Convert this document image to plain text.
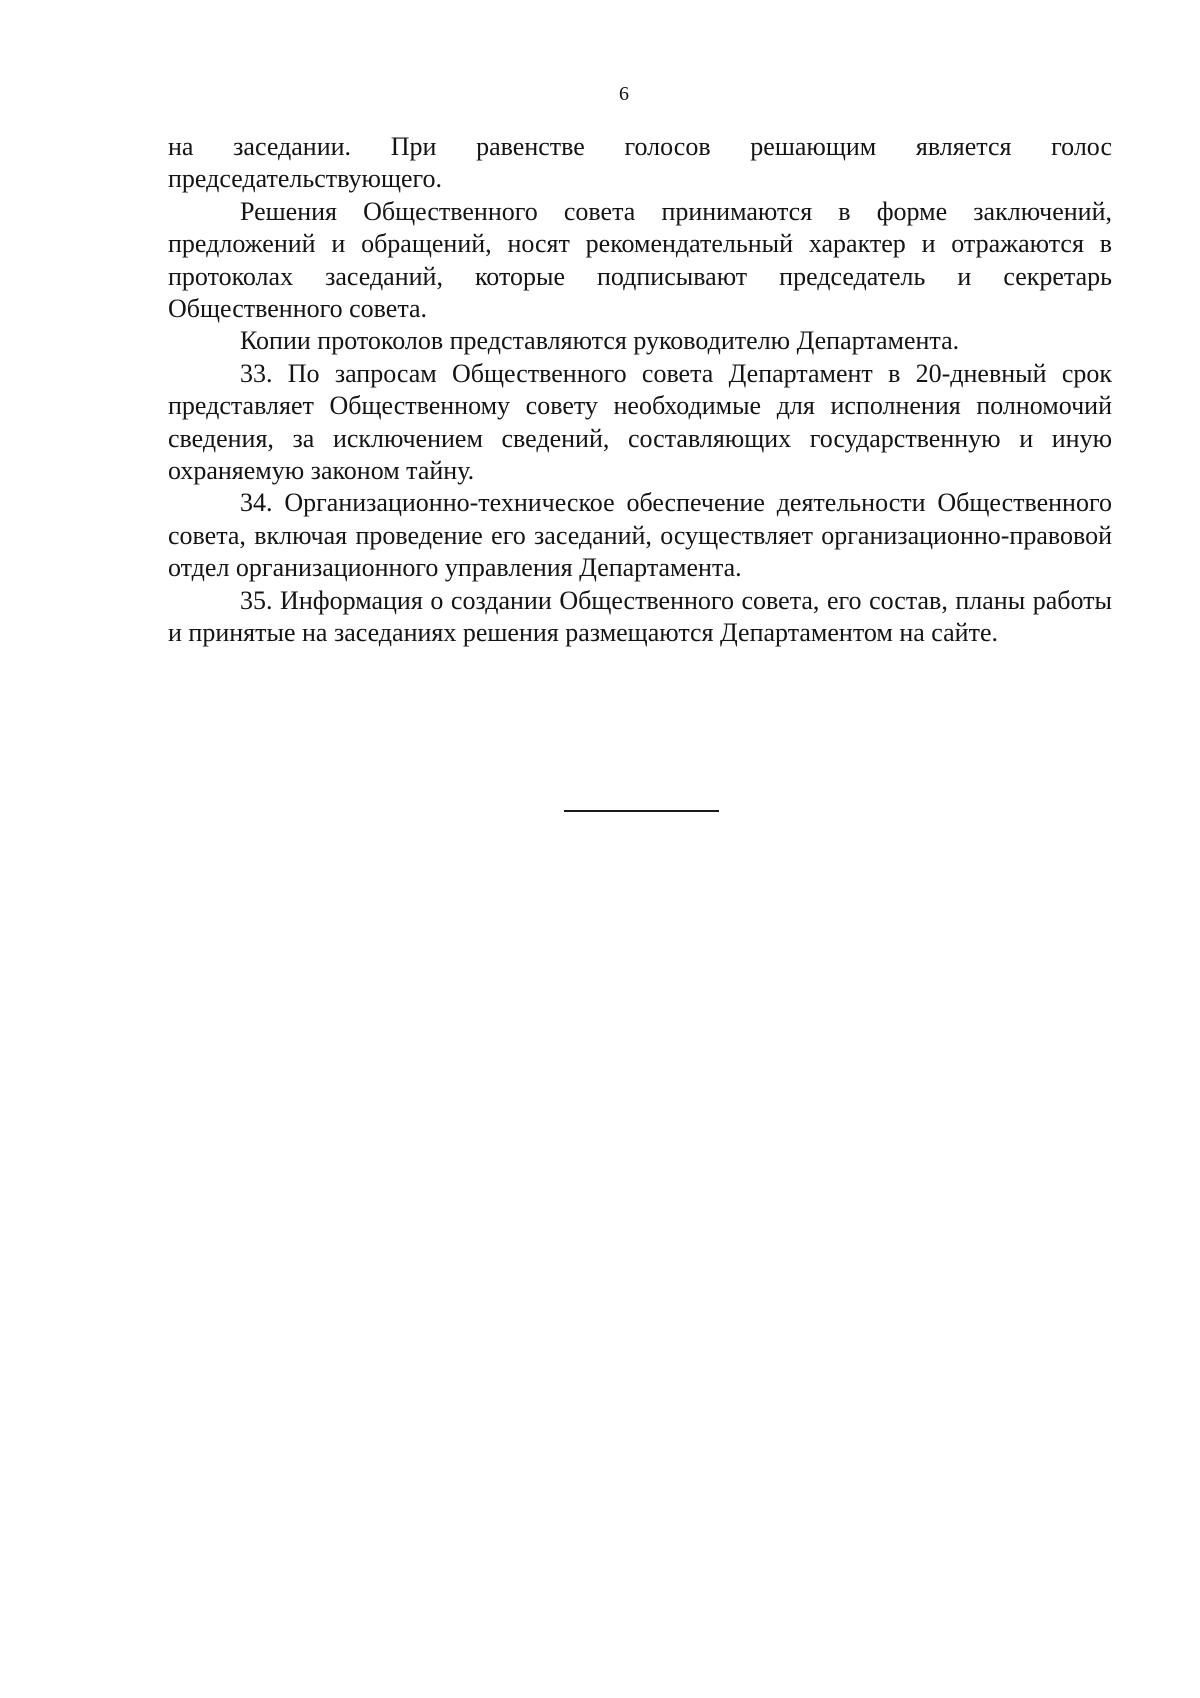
6

на заседании. При равенстве голосов решающим является голос председательствующего.

Решения Общественного совета принимаются в форме заключений, предложений и обращений, носят рекомендательный характер и отражаются в протоколах заседаний, которые подписывают председатель и секретарь Общественного совета.

Копии протоколов представляются руководителю Департамента.

33. По запросам Общественного совета Департамент в 20-дневный срок представляет Общественному совету необходимые для исполнения полномочий сведения, за исключением сведений, составляющих государственную и иную охраняемую законом тайну.

34. Организационно-техническое обеспечение деятельности Общественного совета, включая проведение его заседаний, осуществляет организационно-правовой отдел организационного управления Департамента.

35. Информация о создании Общественного совета, его состав, планы работы и принятые на заседаниях решения размещаются Департаментом на сайте.
